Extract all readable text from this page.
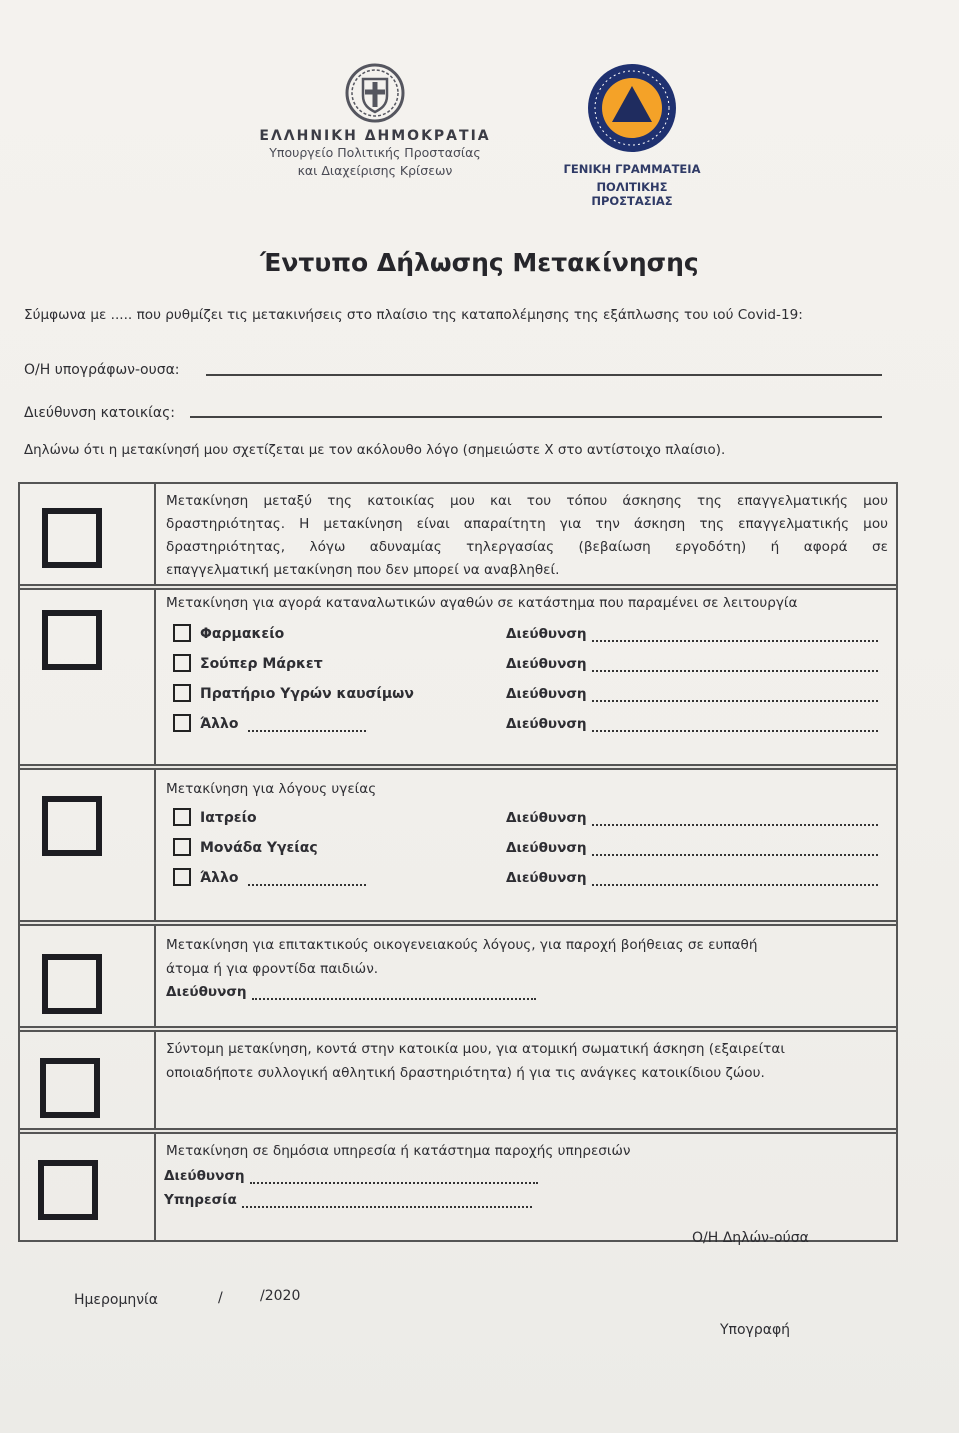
ΕΛΛΗΝΙΚΗ ΔΗΜΟΚΡΑΤΙΑ
Υπουργείο Πολιτικής Προστασίας
και Διαχείρισης Κρίσεων	ΓΕΝΙΚΗ ΓΡΑΜΜΑΤΕΙΑ
ΠΟΛΙΤΙΚΗΣ ΠΡΟΣΤΑΣΙΑΣ
Έντυπο Δήλωσης Μετακίνησης
Σύμφωνα με ..... που ρυθμίζει τις μετακινήσεις στο πλαίσιο της καταπολέμησης της εξάπλωσης του ιού Covid-19:
Ο/Η υπογράφων-ουσα:
Διεύθυνση κατοικίας:
Δηλώνω ότι η μετακίνησή μου σχετίζεται με τον ακόλουθο λόγο (σημειώστε Χ στο αντίστοιχο πλαίσιο).
Μετακίνηση μεταξύ της κατοικίας μου και του τόπου άσκησης της επαγγελματικής μου
δραστηριότητας. Η μετακίνηση είναι απαραίτητη για την άσκηση της επαγγελματικής μου
δραστηριότητας, λόγω αδυναμίας τηλεργασίας (βεβαίωση εργοδότη) ή αφορά σε
επαγγελματική μετακίνηση που δεν μπορεί να αναβληθεί.
Μετακίνηση για αγορά καταναλωτικών αγαθών σε κατάστημα που παραμένει σε λειτουργία
Φαρμακείο	Διεύθυνση
Σούπερ Μάρκετ	Διεύθυνση
Πρατήριο Υγρών καυσίμων	Διεύθυνση
Άλλο	Διεύθυνση
Μετακίνηση για λόγους υγείας
Ιατρείο	Διεύθυνση
Μονάδα Υγείας	Διεύθυνση
Άλλο	Διεύθυνση
Μετακίνηση για επιτακτικούς οικογενειακούς λόγους, για παροχή βοήθειας σε ευπαθή
άτομα ή για φροντίδα παιδιών.
Διεύθυνση
Σύντομη μετακίνηση, κοντά στην κατοικία μου, για ατομική σωματική άσκηση (εξαιρείται
οποιαδήποτε συλλογική αθλητική δραστηριότητα) ή για τις ανάγκες κατοικίδιου ζώου.
Μετακίνηση σε δημόσια υπηρεσία ή κατάστημα παροχής υπηρεσιών
Διεύθυνση
Υπηρεσία
Ο/Η Δηλών-ούσα
Ημερομηνία	/	/2020
Υπογραφή
